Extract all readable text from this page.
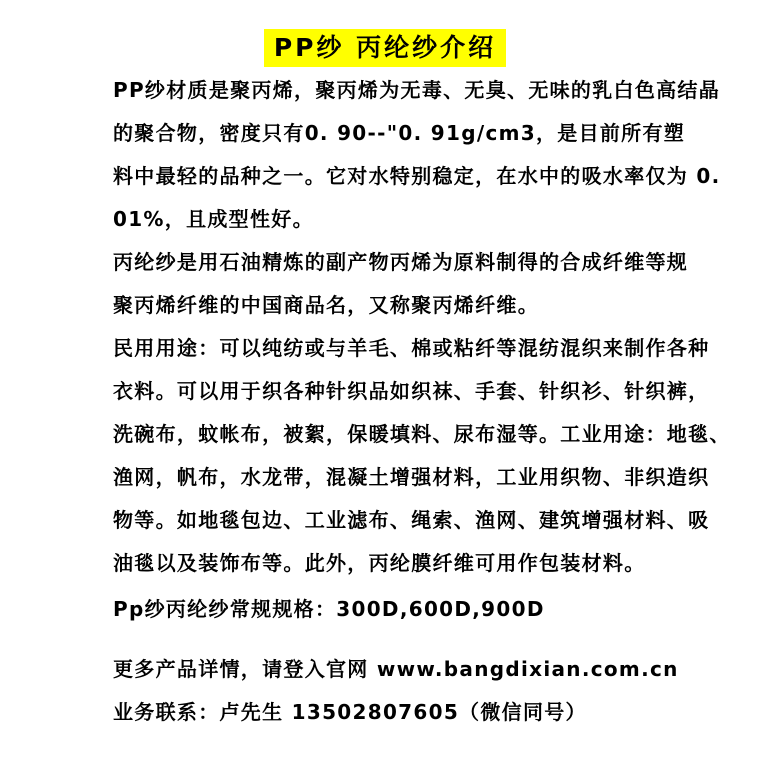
PP纱 丙纶纱介绍
PP纱材质是聚丙烯，聚丙烯为无毒、无臭、无味的乳白色高结晶
的聚合物，密度只有0. 90--"0. 91g/cm3，是目前所有塑
料中最轻的品种之一。它对水特别稳定，在水中的吸水率仅为 0.
01%，且成型性好。
丙纶纱是用石油精炼的副产物丙烯为原料制得的合成纤维等规
聚丙烯纤维的中国商品名，又称聚丙烯纤维。
民用用途：可以纯纺或与羊毛、棉或粘纤等混纺混织来制作各种
衣料。可以用于织各种针织品如织袜、手套、针织衫、针织裤，
洗碗布，蚊帐布，被絮，保暖填料、尿布湿等。工业用途：地毯、
渔网，帆布，水龙带，混凝土增强材料，工业用织物、非织造织
物等。如地毯包边、工业滤布、绳索、渔网、建筑增强材料、吸
油毯以及装饰布等。此外，丙纶膜纤维可用作包装材料。
Pp纱丙纶纱常规规格：300D,600D,900D
更多产品详情，请登入官网 www.bangdixian.com.cn
业务联系：卢先生 13502807605（微信同号）
